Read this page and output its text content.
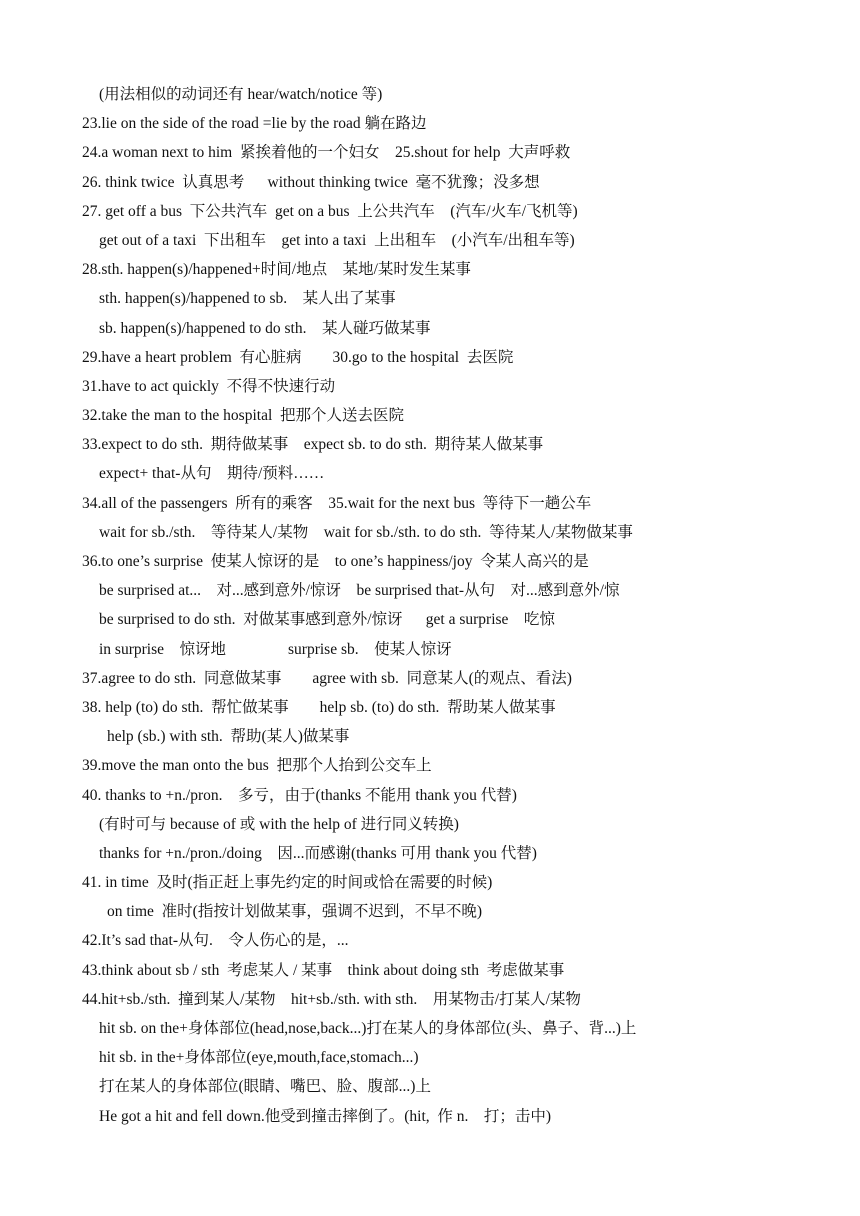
(用法相似的动词还有 hear/watch/notice 等)
23.lie on the side of the road =lie by the road 躺在路边
24.a woman next to him  紧挨着他的一个妇女    25.shout for help  大声呼救
26. think twice  认真思考      without thinking twice  毫不犹豫；没多想
27. get off a bus  下公共汽车  get on a bus  上公共汽车    (汽车/火车/飞机等)
get out of a taxi  下出租车    get into a taxi  上出租车    (小汽车/出租车等)
28.sth. happen(s)/happened+时间/地点    某地/某时发生某事
sth. happen(s)/happened to sb.    某人出了某事
sb. happen(s)/happened to do sth.    某人碰巧做某事
29.have a heart problem  有心脏病        30.go to the hospital  去医院
31.have to act quickly  不得不快速行动
32.take the man to the hospital  把那个人送去医院
33.expect to do sth.  期待做某事    expect sb. to do sth.  期待某人做某事
expect+ that-从句    期待/预料……
34.all of the passengers  所有的乘客    35.wait for the next bus  等待下一趟公车
wait for sb./sth.    等待某人/某物    wait for sb./sth. to do sth.  等待某人/某物做某事
36.to one’s surprise  使某人惊讶的是    to one’s happiness/joy  令某人高兴的是
be surprised at...    对...感到意外/惊讶    be surprised that-从句    对...感到意外/惊
be surprised to do sth.  对做某事感到意外/惊讶      get a surprise    吃惊
in surprise    惊讶地                surprise sb.    使某人惊讶
37.agree to do sth.  同意做某事        agree with sb.  同意某人(的观点、看法)
38. help (to) do sth.  帮忙做某事        help sb. (to) do sth.  帮助某人做某事
help (sb.) with sth.  帮助(某人)做某事
39.move the man onto the bus  把那个人抬到公交车上
40. thanks to +n./pron.    多亏，由于(thanks 不能用 thank you 代替)
(有时可与 because of 或 with the help of 进行同义转换)
thanks for +n./pron./doing    因...而感谢(thanks 可用 thank you 代替)
41. in time  及时(指正赶上事先约定的时间或恰在需要的时候)
on time  准时(指按计划做某事，强调不迟到，不早不晚)
42.It’s sad that-从句.    令人伤心的是，...
43.think about sb / sth  考虑某人 / 某事    think about doing sth  考虑做某事
44.hit+sb./sth.  撞到某人/某物    hit+sb./sth. with sth.    用某物击/打某人/某物
hit sb. on the+身体部位(head,nose,back...)打在某人的身体部位(头、鼻子、背...)上
hit sb. in the+身体部位(eye,mouth,face,stomach...)
打在某人的身体部位(眼睛、嘴巴、脸、腹部...)上
He got a hit and fell down.他受到撞击摔倒了。(hit,  作 n.    打；击中)
